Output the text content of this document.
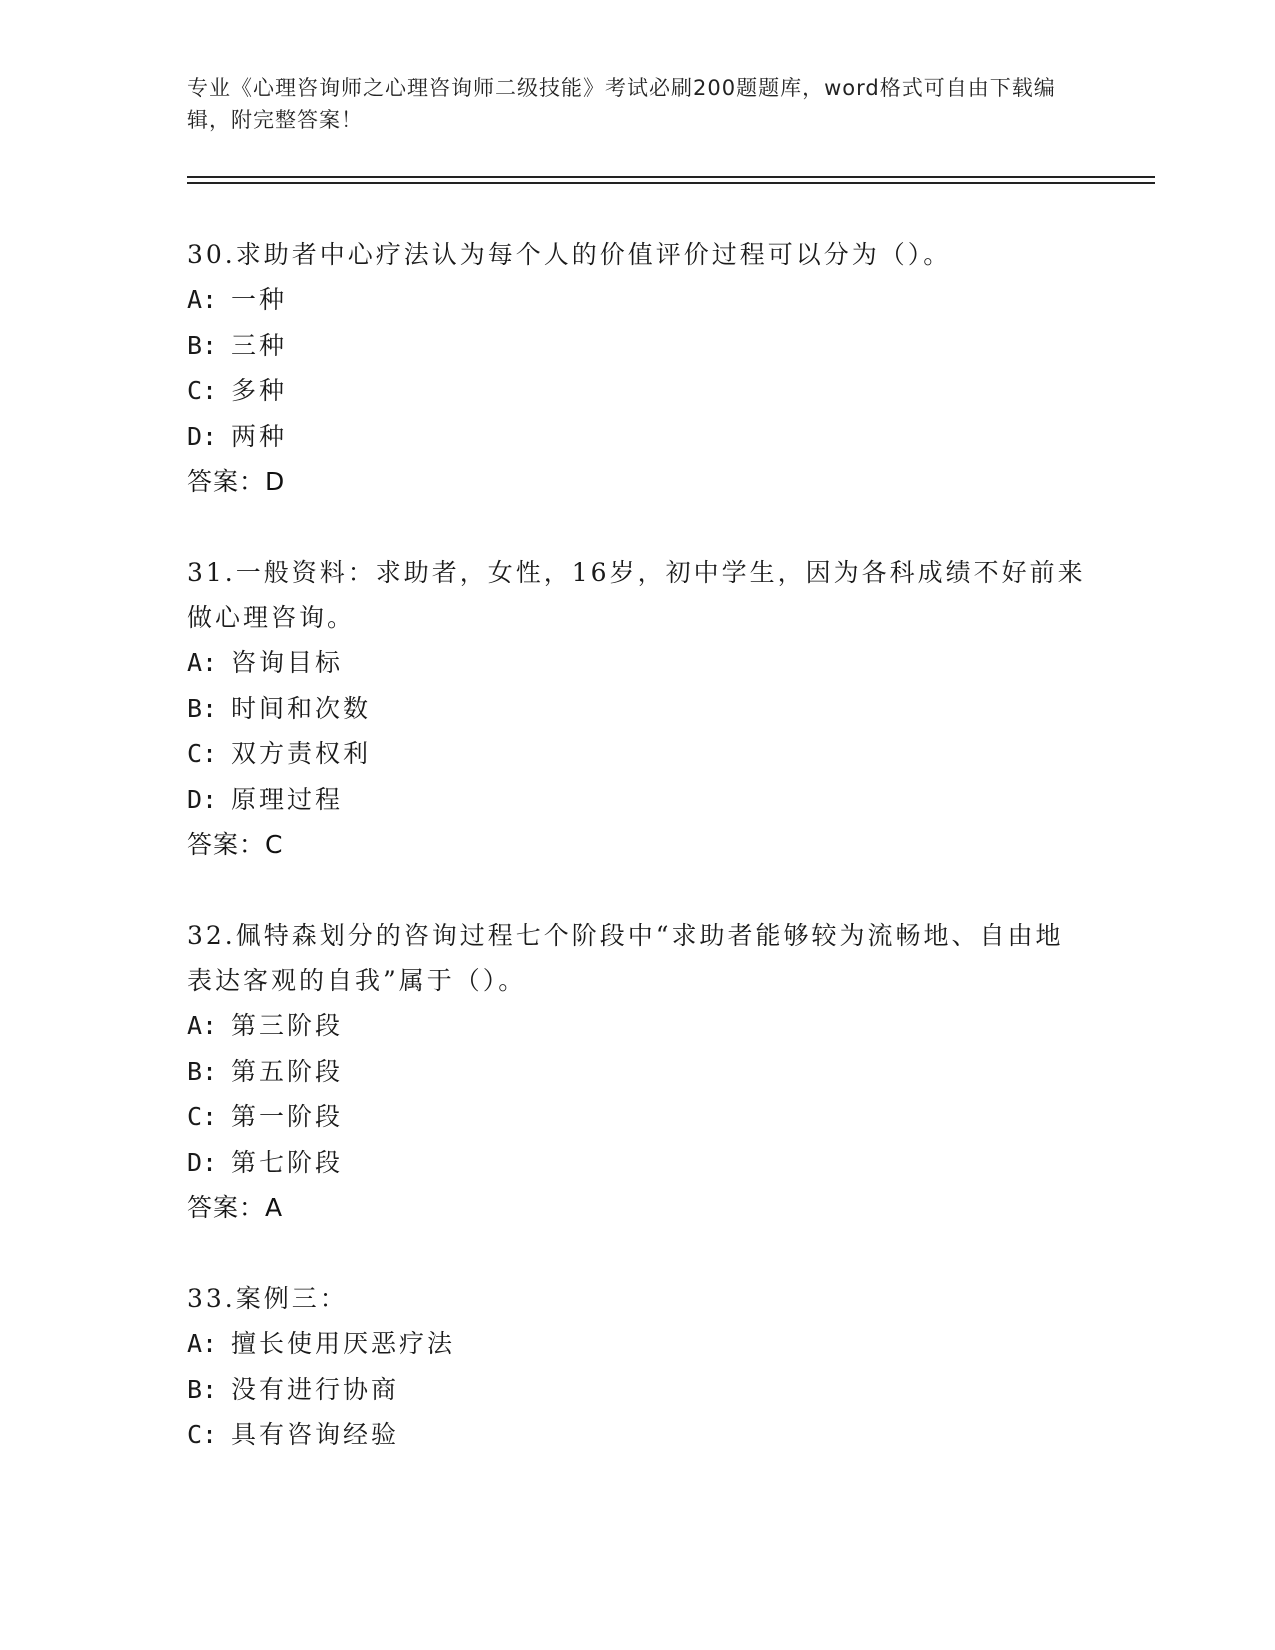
专业《心理咨询师之心理咨询师二级技能》考试必刷200题题库，word格式可自由下载编辑，附完整答案！
30.求助者中心疗法认为每个人的价值评价过程可以分为（）。
A: 一种
B: 三种
C: 多种
D: 两种
答案：D
31.一般资料：求助者，女性，16岁，初中学生，因为各科成绩不好前来做心理咨询。
A: 咨询目标
B: 时间和次数
C: 双方责权利
D: 原理过程
答案：C
32.佩特森划分的咨询过程七个阶段中“求助者能够较为流畅地、自由地表达客观的自我”属于（）。
A: 第三阶段
B: 第五阶段
C: 第一阶段
D: 第七阶段
答案：A
33.案例三：
A: 擅长使用厌恶疗法
B: 没有进行协商
C: 具有咨询经验
